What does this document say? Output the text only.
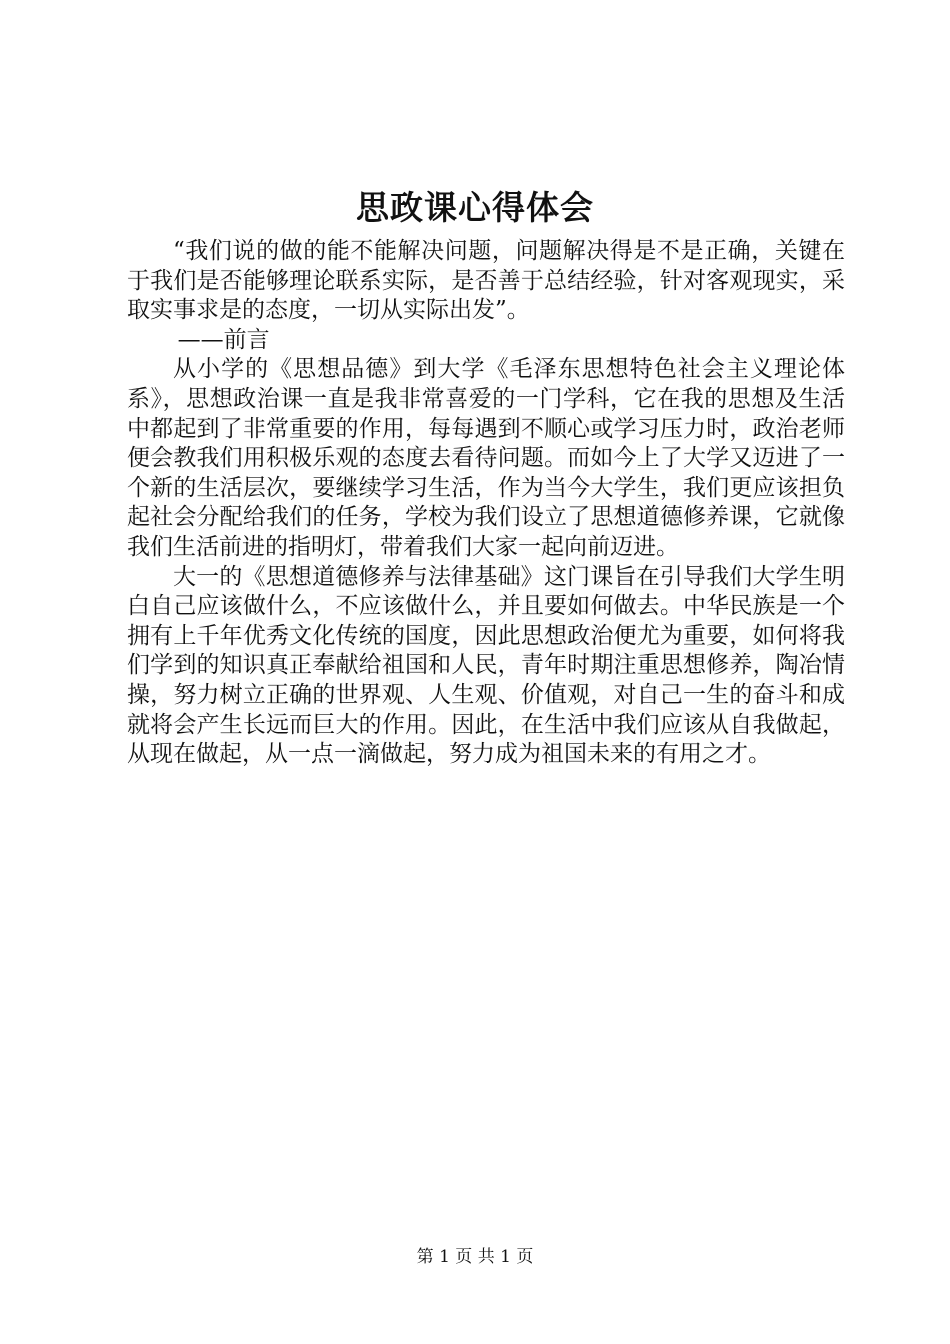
思政课心得体会

“我们说的做的能不能解决问题，问题解决得是不是正确，关键在于我们是否能够理论联系实际，是否善于总结经验，针对客观现实，采取实事求是的态度，一切从实际出发”。

——前言

从小学的《思想品德》到大学《毛泽东思想特色社会主义理论体系》，思想政治课一直是我非常喜爱的一门学科，它在我的思想及生活中都起到了非常重要的作用，每每遇到不顺心或学习压力时，政治老师便会教我们用积极乐观的态度去看待问题。而如今上了大学又迈进了一个新的生活层次，要继续学习生活，作为当今大学生，我们更应该担负起社会分配给我们的任务，学校为我们设立了思想道德修养课，它就像我们生活前进的指明灯，带着我们大家一起向前迈进。

大一的《思想道德修养与法律基础》这门课旨在引导我们大学生明白自己应该做什么，不应该做什么，并且要如何做去。中华民族是一个拥有上千年优秀文化传统的国度，因此思想政治便尤为重要，如何将我们学到的知识真正奉献给祖国和人民，青年时期注重思想修养，陶冶情操，努力树立正确的世界观、人生观、价值观，对自己一生的奋斗和成就将会产生长远而巨大的作用。因此，在生活中我们应该从自我做起，从现在做起，从一点一滴做起，努力成为祖国未来的有用之才。

第 1 页 共 1 页
